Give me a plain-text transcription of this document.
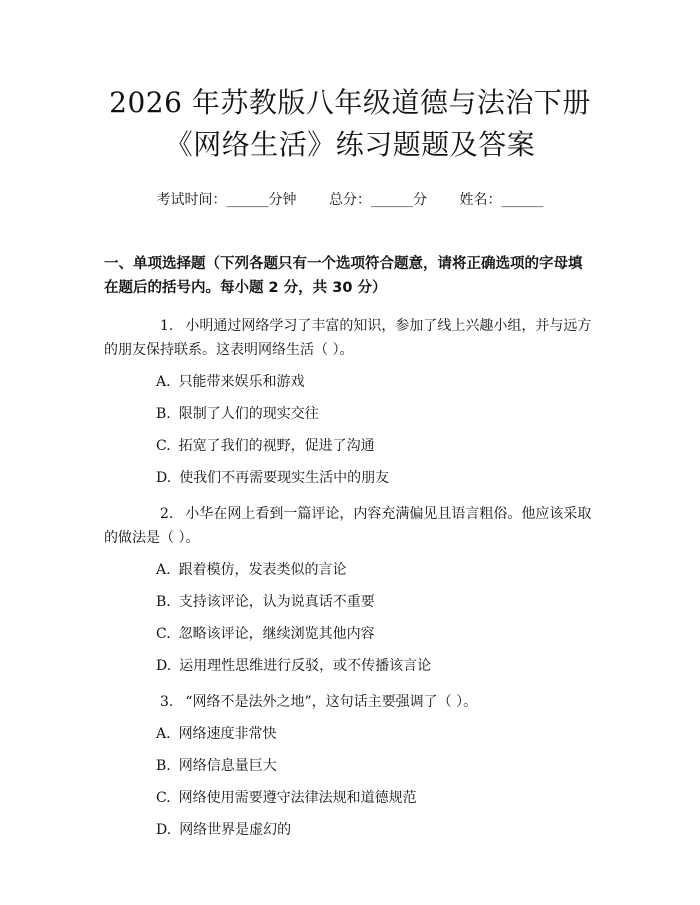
2026 年苏教版八年级道德与法治下册《网络生活》练习题题及答案
考试时间：______分钟 总分：______分 姓名：______
一、单项选择题（下列各题只有一个选项符合题意，请将正确选项的字母填在题后的括号内。每小题 2 分，共 30 分）
1. 小明通过网络学习了丰富的知识，参加了线上兴趣小组，并与远方的朋友保持联系。这表明网络生活（ ）。
A. 只能带来娱乐和游戏
B. 限制了人们的现实交往
C. 拓宽了我们的视野，促进了沟通
D. 使我们不再需要现实生活中的朋友
2. 小华在网上看到一篇评论，内容充满偏见且语言粗俗。他应该采取的做法是（ ）。
A. 跟着模仿，发表类似的言论
B. 支持该评论，认为说真话不重要
C. 忽略该评论，继续浏览其他内容
D. 运用理性思维进行反驳，或不传播该言论
3. “网络不是法外之地”，这句话主要强调了（ ）。
A. 网络速度非常快
B. 网络信息量巨大
C. 网络使用需要遵守法律法规和道德规范
D. 网络世界是虚幻的
